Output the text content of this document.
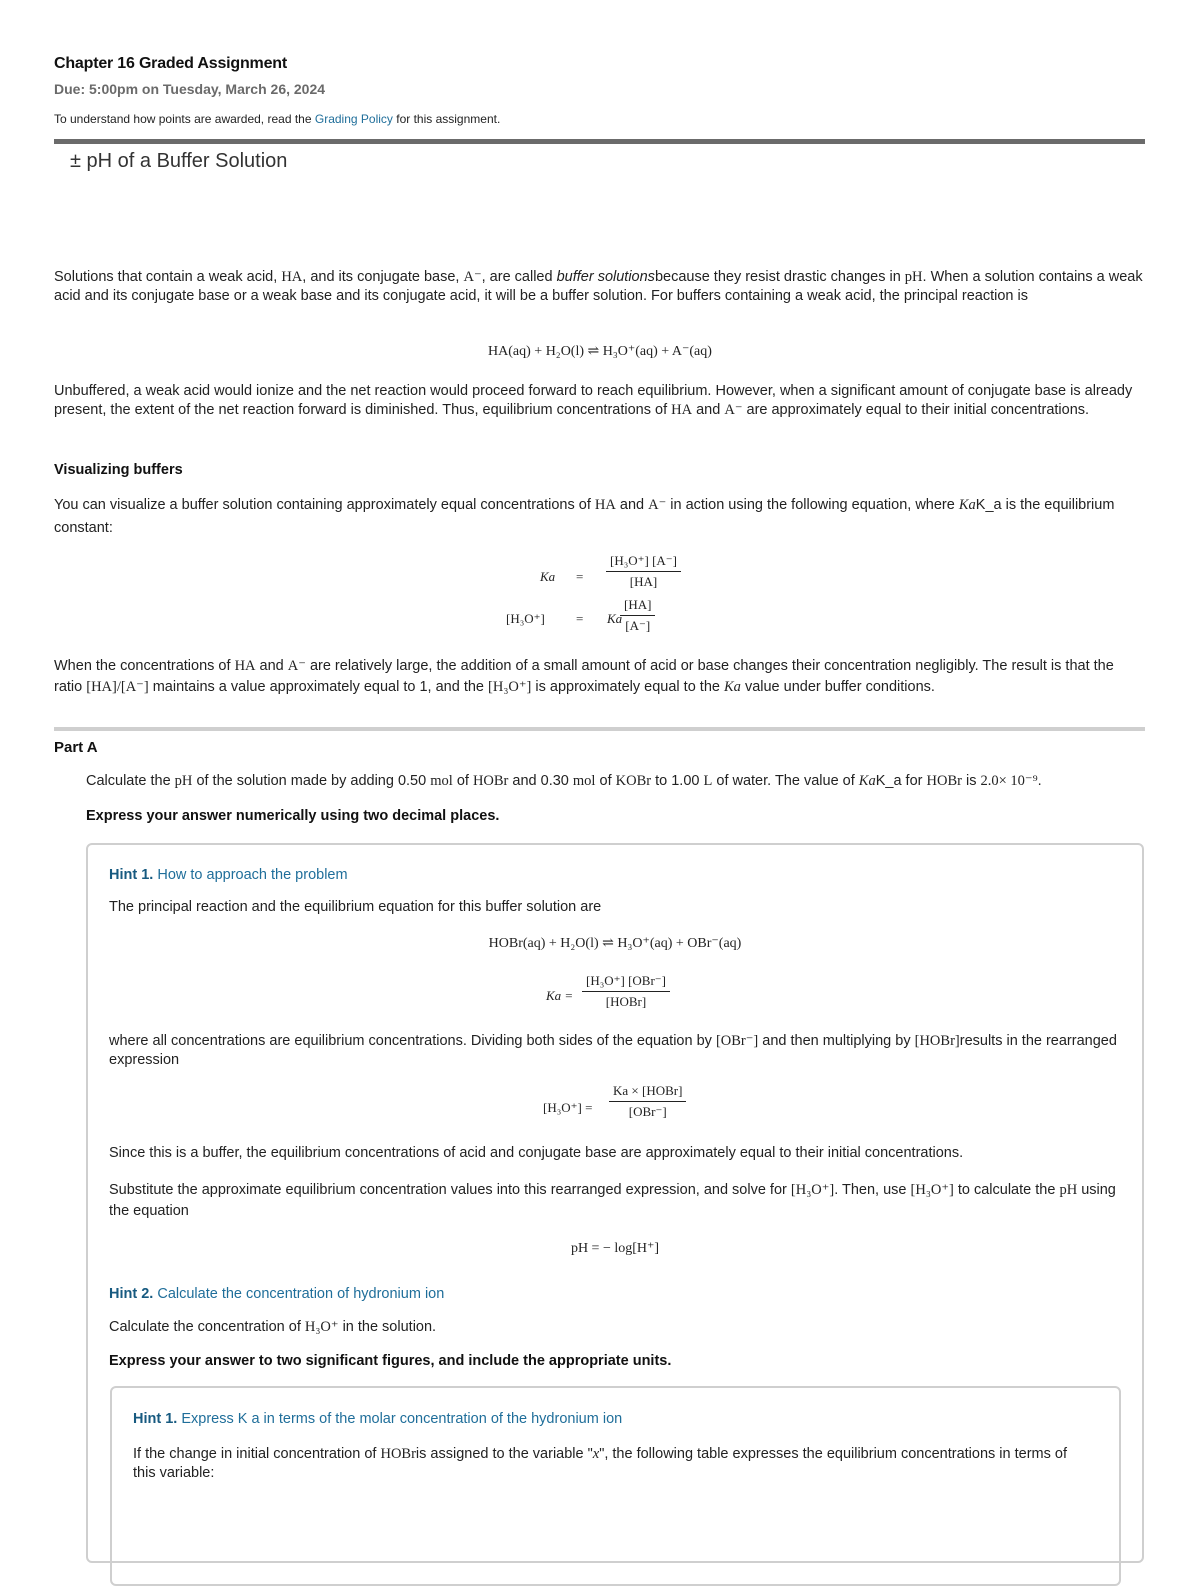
Chapter 16 Graded Assignment
Due: 5:00pm on Tuesday, March 26, 2024
To understand how points are awarded, read the Grading Policy for this assignment.
± pH of a Buffer Solution
Solutions that contain a weak acid, HA, and its conjugate base, A⁻, are called buffer solutionsbecause they resist drastic changes in pH. When a solution contains a weak acid and its conjugate base or a weak base and its conjugate acid, it will be a buffer solution. For buffers containing a weak acid, the principal reaction is
HA(aq) + H₂O(l) ⇌ H₃O⁺(aq) + A⁻(aq)
Unbuffered, a weak acid would ionize and the net reaction would proceed forward to reach equilibrium. However, when a significant amount of conjugate base is already present, the extent of the net reaction forward is diminished. Thus, equilibrium concentrations of HA and A⁻ are approximately equal to their initial concentrations.
Visualizing buffers
You can visualize a buffer solution containing approximately equal concentrations of HA and A⁻ in action using the following equation, where KaK_a is the equilibrium constant:
$Ka = \frac{\text{[H₃O⁺] [A⁻]}}{[HA]}$
[H₃O⁺] = Ka
$\frac{[HA]}{[A^-]}$
When the concentrations of HA and A⁻ are relatively large, the addition of a small amount of acid or base changes their concentration negligibly. The result is that the ratio [HA]/[A⁻] maintains a value approximately equal to 1, and the [H₃O⁺] is approximately equal to the Ka value under buffer conditions.
Part A
Calculate the pH of the solution made by adding 0.50 mol of HOBr and 0.30 mol of KOBr to 1.00 L of water. The value of KaK_a for HOBr is 2.0× 10⁻⁹.
Express your answer numerically using two decimal places.
Hint 1. How to approach the problem
The principal reaction and the equilibrium equation for this buffer solution are
HOBr(aq) + H₂O(l) ⇌ H₃O⁺(aq) + OBr⁻(aq)
Ka =
[H₃O⁺] [OBr⁻]
[HOBr]
where all concentrations are equilibrium concentrations. Dividing both sides of the equation by [OBr⁻] and then multiplying by [HOBr]results in the rearranged expression
[H₃O⁺] =
Ka × [HOBr]
[OBr⁻]
Since this is a buffer, the equilibrium concentrations of acid and conjugate base are approximately equal to their initial concentrations.
Substitute the approximate equilibrium concentration values into this rearranged expression, and solve for [H₃O⁺]. Then, use [H₃O⁺] to calculate the pH using the equation
pH = − log[H⁺]
Hint 2. Calculate the concentration of hydronium ion
Calculate the concentration of H₃O⁺ in the solution.
Express your answer to two significant figures, and include the appropriate units.
Hint 1. Express K a in terms of the molar concentration of the hydronium ion
If the change in initial concentration of HOBris assigned to the variable "x", the following table expresses the equilibrium concentrations in terms of this variable:
